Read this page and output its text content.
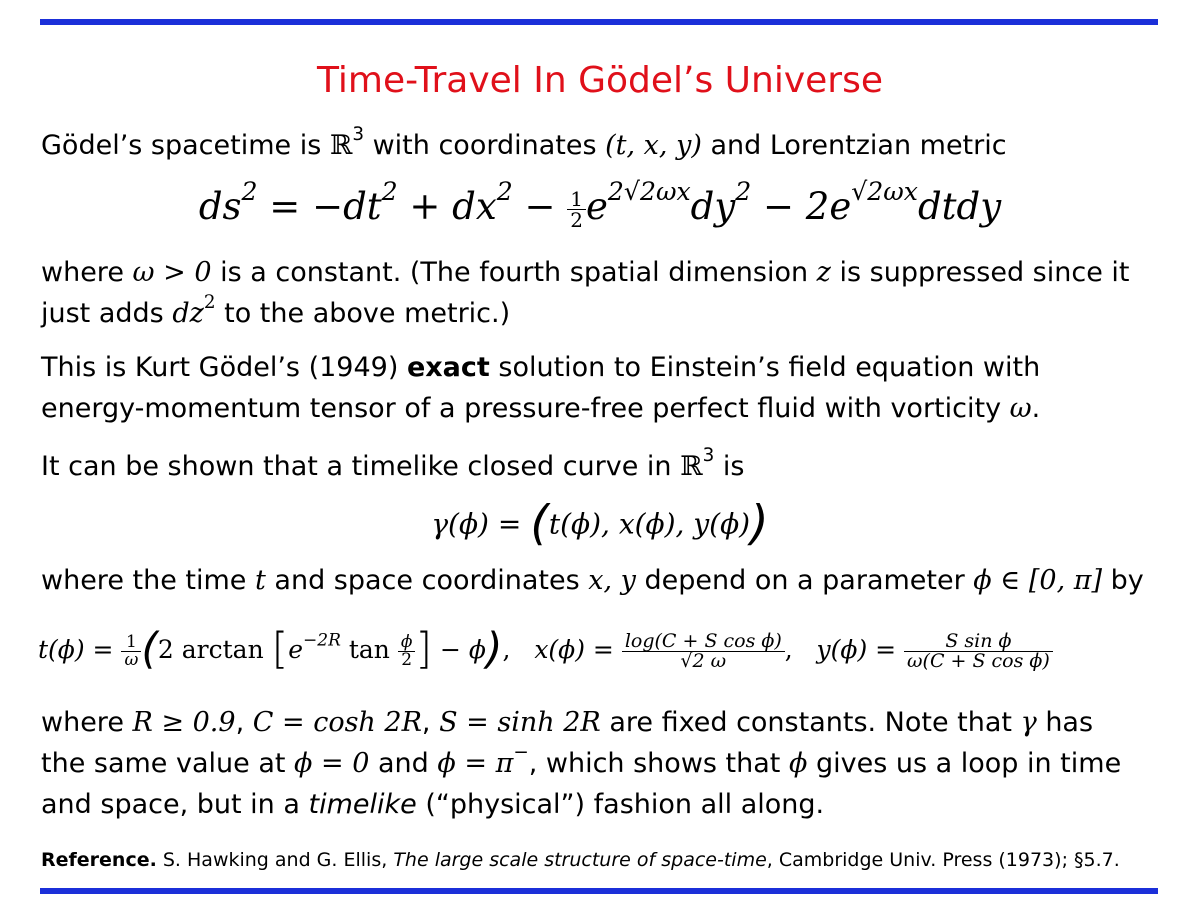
Time-Travel In Gödel’s Universe
Gödel’s spacetime is ℝ$^3$ with coordinates (t, x, y) and Lorentzian metric
$ds^2 = -dt^2 + dx^2 - \frac{1}{2} e^{2√2\omega x}dy^2$ − $2e^{√2\omega x}dtdy$
where ω > 0 is a constant. (The fourth spatial dimension z is suppressed since it
just adds $dz^2$ to the above metric.)
This is Kurt Gödel’s (1949) exact solution to Einstein’s field equation with
energy-momentum tensor of a pressure-free perfect fluid with vorticity ω.
It can be shown that a timelike closed curve in ℝ$^3$ is
γ(ϕ) = (t(ϕ), x(ϕ), y(ϕ))
where the time t and space coordinates x, y depend on a parameter ϕ ∈ [0, π] by
$t(\phi) = \frac{1}{\omega} (2$ $\arctan [e^{-2R}$ $\tan \frac{\phi}{2}$ ] − ϕ), $x(\phi) = \frac{\text{log(C + S cos ϕ)}}{√2 \omega}$ , $y(\phi) = \frac{\text{S sin ϕ}}{\text{ω(C + S cos ϕ)}}$
where R ≥ 0.9, C = cosh 2R, S = sinh 2R are fixed constants. Note that γ has
the same value at ϕ = 0 and ϕ = π−, which shows that ϕ gives us a loop in time
and space, but in a timelike (“physical”) fashion all along.
Reference. S. Hawking and G. Ellis, The large scale structure of space-time, Cambridge Univ. Press (1973); §5.7.
